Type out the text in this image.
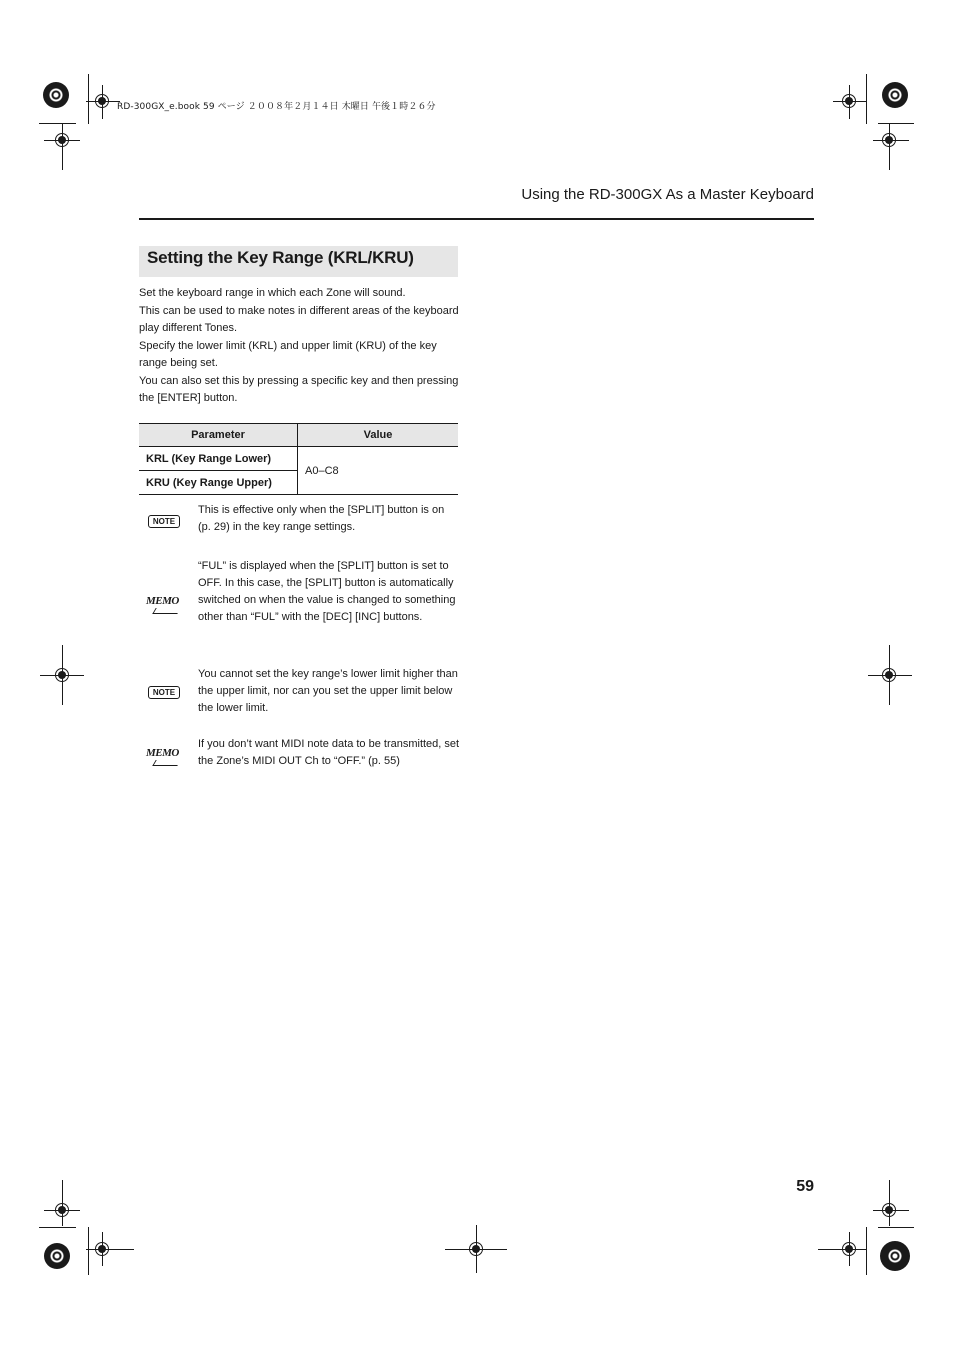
RD-300GX_e.book 59 ページ ２００８年２月１４日 木曜日 午後１時２６分
Using the RD-300GX As a Master Keyboard
Setting the Key Range (KRL/KRU)

Set the keyboard range in which each Zone will sound.

This can be used to make notes in different areas of the keyboard play different Tones.

Specify the lower limit (KRL) and upper limit (KRU) of the key range being set.

You can also set this by pressing a specific key and then pressing the [ENTER] button.

Parameter	Value
KRL (Key Range Lower)	A0–C8
KRU (Key Range Upper)	
NOTE
This is effective only when the [SPLIT] button is on (p. 29) in the key range settings.
MEMO
“FUL” is displayed when the [SPLIT] button is set to OFF. In this case, the [SPLIT] button is automatically switched on when the value is changed to something other than “FUL” with the [DEC] [INC] buttons.
NOTE
You cannot set the key range’s lower limit higher than the upper limit, nor can you set the upper limit below the lower limit.
MEMO
If you don’t want MIDI note data to be transmitted, set the Zone’s MIDI OUT Ch to “OFF.” (p. 55)
59
